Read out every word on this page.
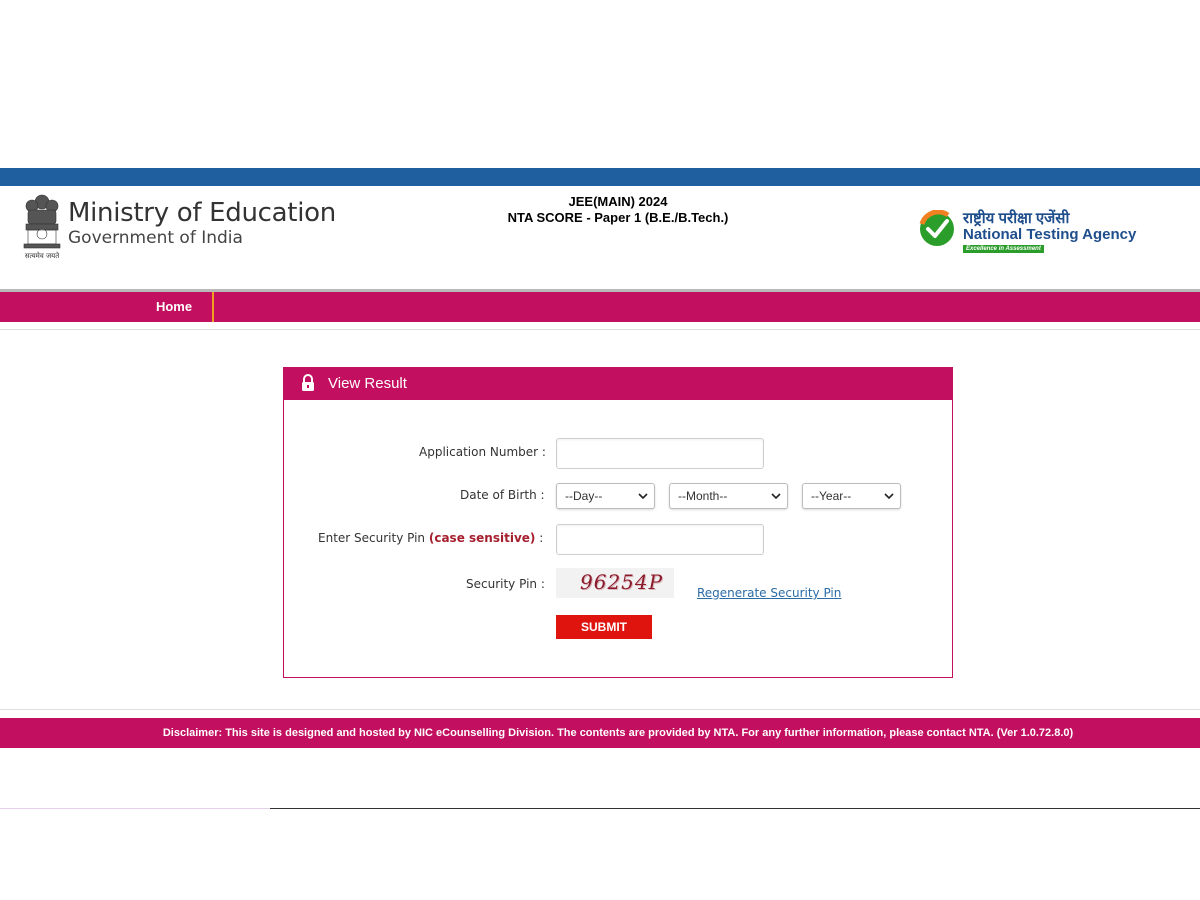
सत्यमेव जयते
Ministry of Education
Government of India
JEE(MAIN) 2024
NTA SCORE - Paper 1 (B.E./B.Tech.)	राष्ट्रीय परीक्षा एजेंसी
National Testing Agency
Excellence in Assessment
Home
View Result
Application Number :
Date of Birth :	--Day--	--Month--	--Year--
Enter Security Pin (case sensitive) :
Security Pin : 96254P	Regenerate Security Pin
SUBMIT
Disclaimer: This site is designed and hosted by NIC eCounselling Division. The contents are provided by NTA. For any further information, please contact NTA. (Ver 1.0.72.8.0)
